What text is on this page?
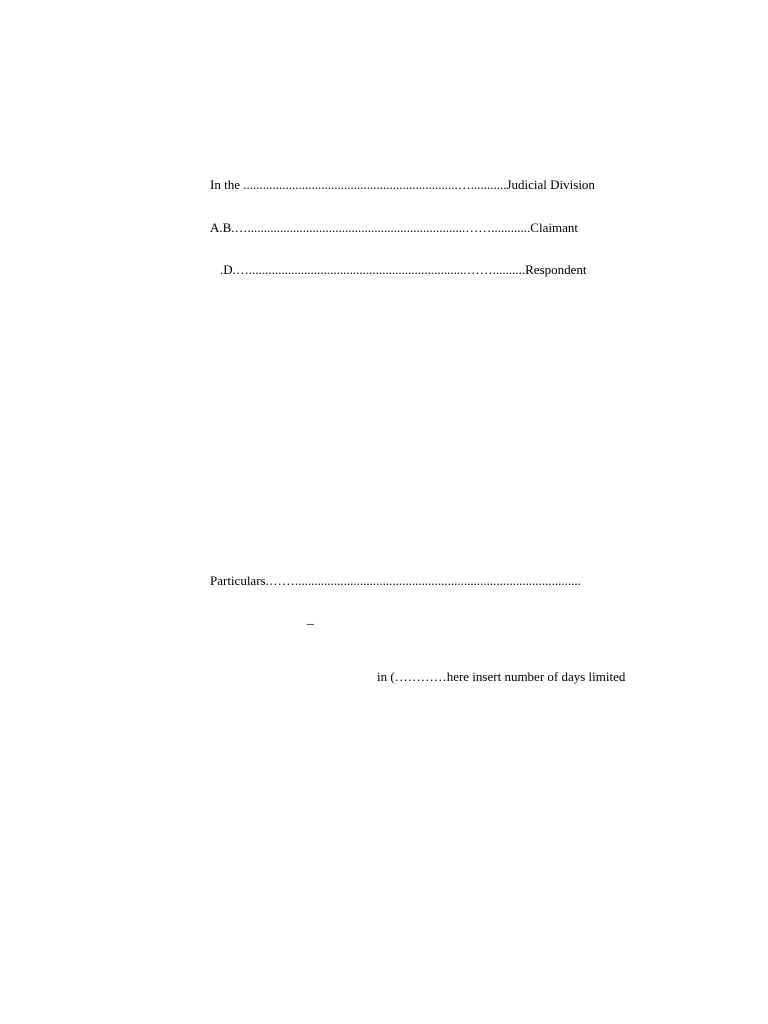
In the ..................................................................…...........Judicial Division
A.B.…...................................................................……............Claimant
.D.…...................................................................……..........Respondent
Particulars.……........................................................................................
_
in (…………here insert number of days limited
